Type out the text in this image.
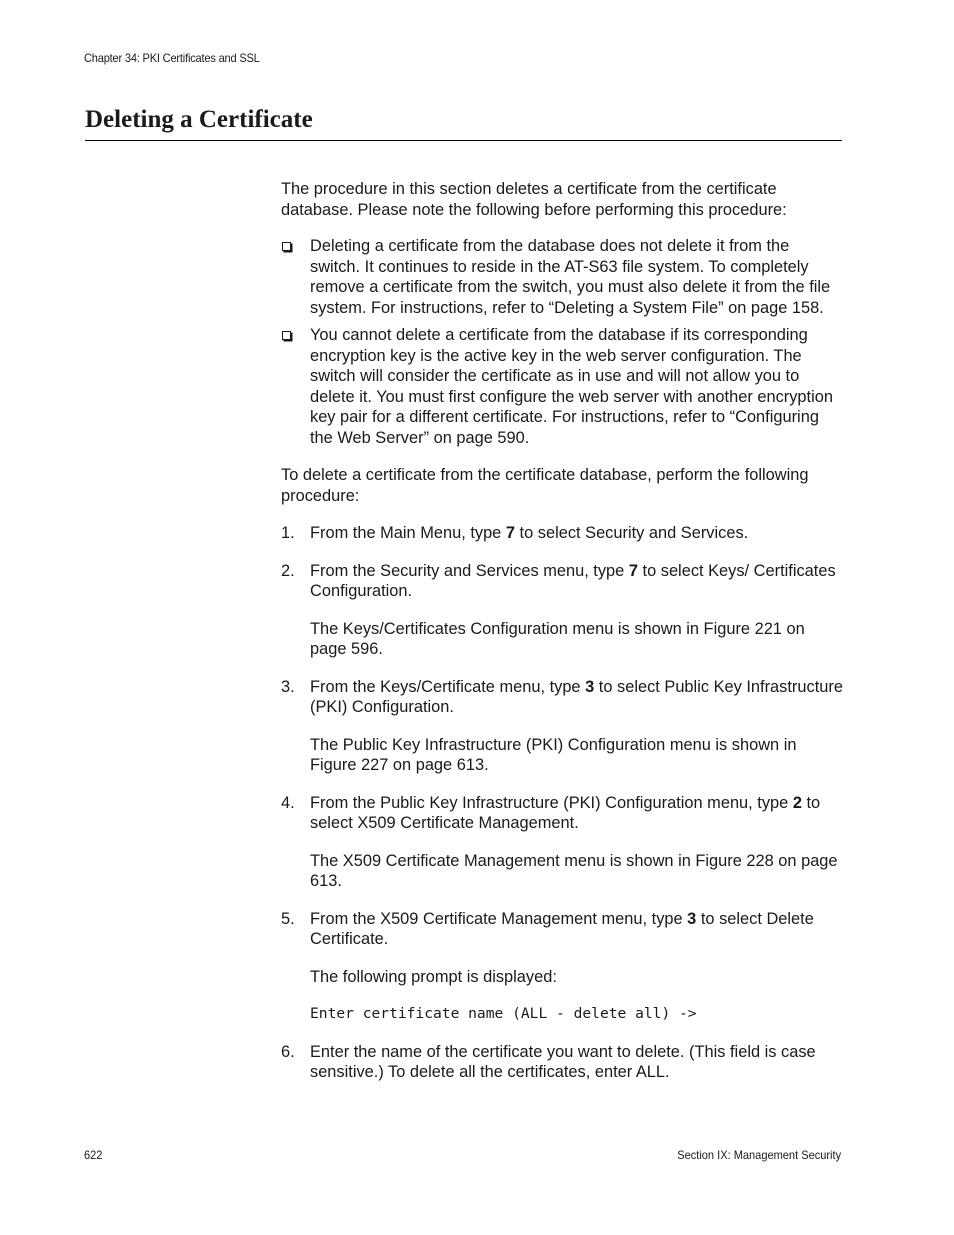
Chapter 34: PKI Certificates and SSL
Deleting a Certificate

The procedure in this section deletes a certificate from the certificate database. Please note the following before performing this procedure:

Deleting a certificate from the database does not delete it from the switch. It continues to reside in the AT-S63 file system. To completely remove a certificate from the switch, you must also delete it from the file system. For instructions, refer to “Deleting a System File” on page 158.
You cannot delete a certificate from the database if its corresponding encryption key is the active key in the web server configuration. The switch will consider the certificate as in use and will not allow you to delete it. You must first configure the web server with another encryption key pair for a different certificate. For instructions, refer to “Configuring the Web Server” on page 590.

To delete a certificate from the certificate database, perform the following procedure:

1. From the Main Menu, type 7 to select Security and Services.
2. From the Security and Services menu, type 7 to select Keys/ Certificates Configuration.

The Keys/Certificates Configuration menu is shown in Figure 221 on page 596.

3. From the Keys/Certificate menu, type 3 to select Public Key Infrastructure (PKI) Configuration.

The Public Key Infrastructure (PKI) Configuration menu is shown in Figure 227 on page 613.

4. From the Public Key Infrastructure (PKI) Configuration menu, type 2 to select X509 Certificate Management.

The X509 Certificate Management menu is shown in Figure 228 on page 613.

5. From the X509 Certificate Management menu, type 3 to select Delete Certificate.

The following prompt is displayed:

Enter certificate name (ALL - delete all) ->
6. Enter the name of the certificate you want to delete. (This field is case sensitive.) To delete all the certificates, enter ALL.
622	Section IX: Management Security
